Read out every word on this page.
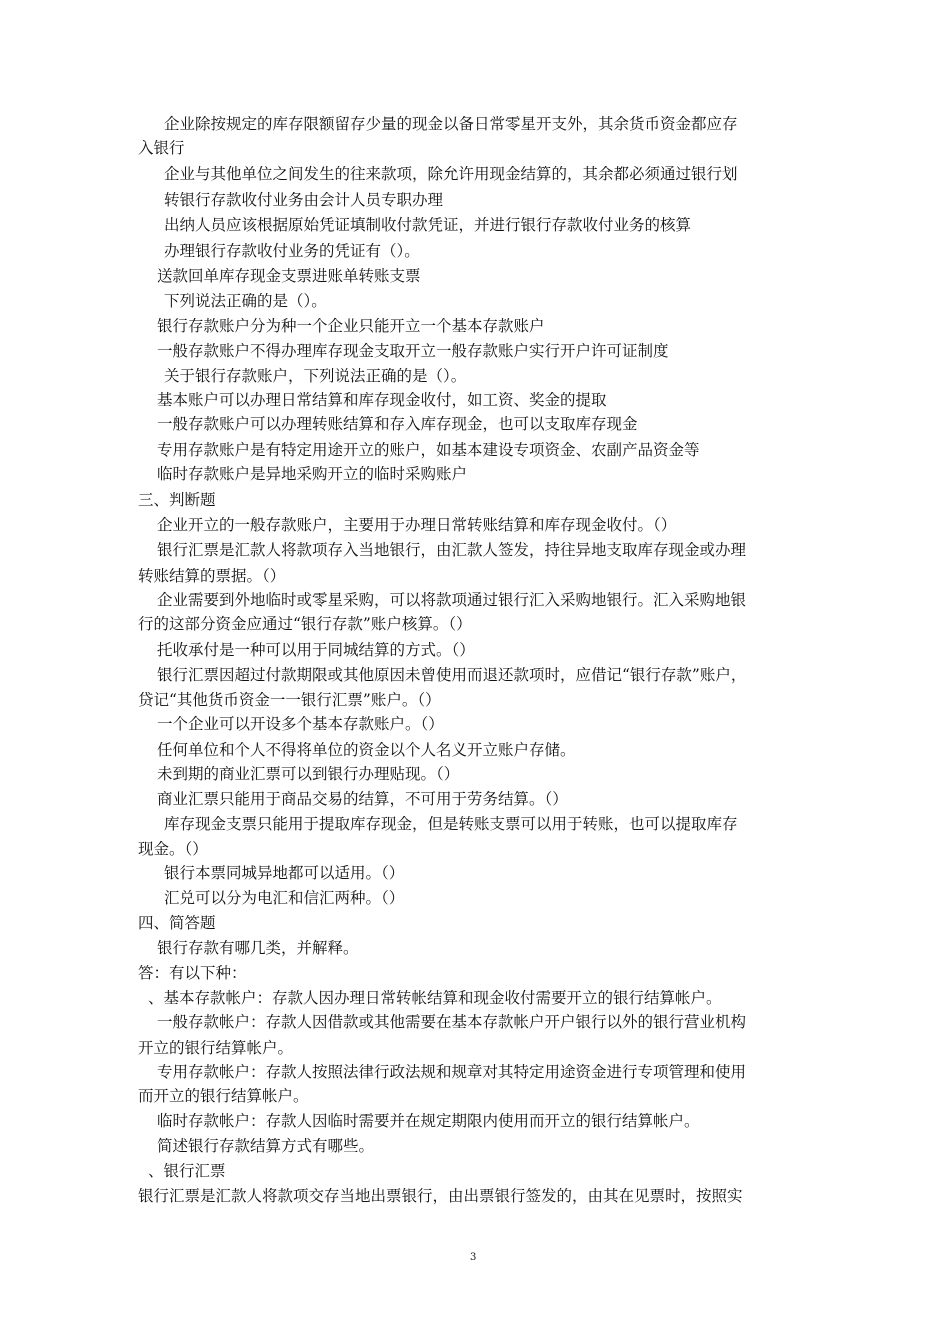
企业除按规定的库存限额留存少量的现金以备日常零星开支外，其余货币资金都应存
入银行
企业与其他单位之间发生的往来款项，除允许用现金结算的，其余都必须通过银行划
转银行存款收付业务由会计人员专职办理
出纳人员应该根据原始凭证填制收付款凭证，并进行银行存款收付业务的核算
办理银行存款收付业务的凭证有（）。
送款回单库存现金支票进账单转账支票
下列说法正确的是（）。
银行存款账户分为种一个企业只能开立一个基本存款账户
一般存款账户不得办理库存现金支取开立一般存款账户实行开户许可证制度
关于银行存款账户，下列说法正确的是（）。
基本账户可以办理日常结算和库存现金收付，如工资、奖金的提取
一般存款账户可以办理转账结算和存入库存现金，也可以支取库存现金
专用存款账户是有特定用途开立的账户，如基本建设专项资金、农副产品资金等
临时存款账户是异地采购开立的临时采购账户
三、判断题
企业开立的一般存款账户，主要用于办理日常转账结算和库存现金收付。（）
银行汇票是汇款人将款项存入当地银行，由汇款人签发，持往异地支取库存现金或办理
转账结算的票据。（）
企业需要到外地临时或零星采购，可以将款项通过银行汇入采购地银行。汇入采购地银
行的这部分资金应通过“银行存款”账户核算。（）
托收承付是一种可以用于同城结算的方式。（）
银行汇票因超过付款期限或其他原因未曾使用而退还款项时，应借记“银行存款”账户，
贷记“其他货币资金一一银行汇票”账户。（）
一个企业可以开设多个基本存款账户。（）
任何单位和个人不得将单位的资金以个人名义开立账户存储。
未到期的商业汇票可以到银行办理贴现。（）
商业汇票只能用于商品交易的结算，不可用于劳务结算。（）
库存现金支票只能用于提取库存现金，但是转账支票可以用于转账，也可以提取库存
现金。（）
银行本票同城异地都可以适用。（）
汇兑可以分为电汇和信汇两种。（）
四、简答题
银行存款有哪几类，并解释。
答：有以下种：
、基本存款帐户：存款人因办理日常转帐结算和现金收付需要开立的银行结算帐户。
一般存款帐户：存款人因借款或其他需要在基本存款帐户开户银行以外的银行营业机构
开立的银行结算帐户。
专用存款帐户：存款人按照法律行政法规和规章对其特定用途资金进行专项管理和使用
而开立的银行结算帐户。
临时存款帐户：存款人因临时需要并在规定期限内使用而开立的银行结算帐户。
简述银行存款结算方式有哪些。
、银行汇票
银行汇票是汇款人将款项交存当地出票银行，由出票银行签发的，由其在见票时，按照实
3
